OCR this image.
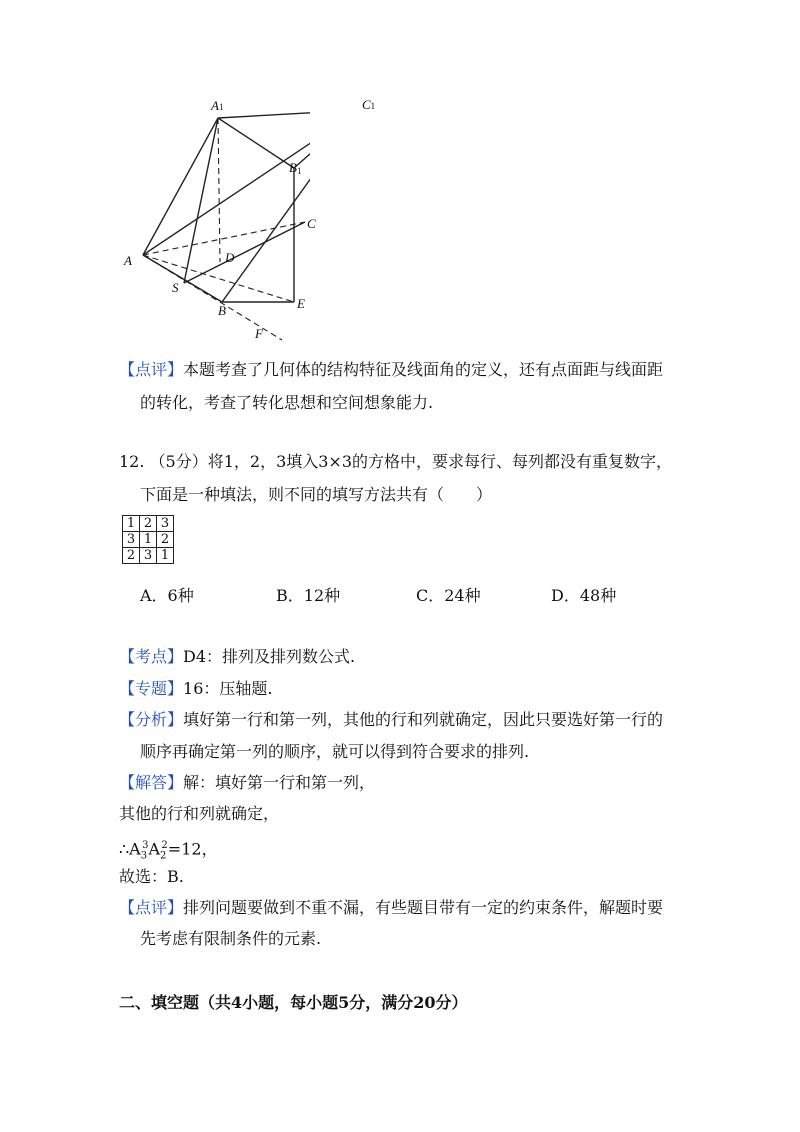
A1	C1
B1
C
A	D
S
B	E
F
【点评】本题考查了几何体的结构特征及线面角的定义，还有点面距与线面距
的转化，考查了转化思想和空间想象能力.
12. （5分）将1，2，3填入3×3的方格中，要求每行、每列都没有重复数字，
下面是一种填法，则不同的填写方法共有（　　）
1	2	3
3	1	2
2	3	1
A．6种	B．12种	C．24种	D．48种
【考点】D4：排列及排列数公式.
【专题】16：压轴题.
【分析】填好第一行和第一列，其他的行和列就确定，因此只要选好第一行的
顺序再确定第一列的顺序，就可以得到符合要求的排列.
【解答】解：填好第一行和第一列，
其他的行和列就确定，
$\therefore A_3^3A_2^2=12$，
故选：B.
【点评】排列问题要做到不重不漏，有些题目带有一定的约束条件，解题时要
先考虑有限制条件的元素.
二、填空题（共4小题，每小题5分，满分20分）
